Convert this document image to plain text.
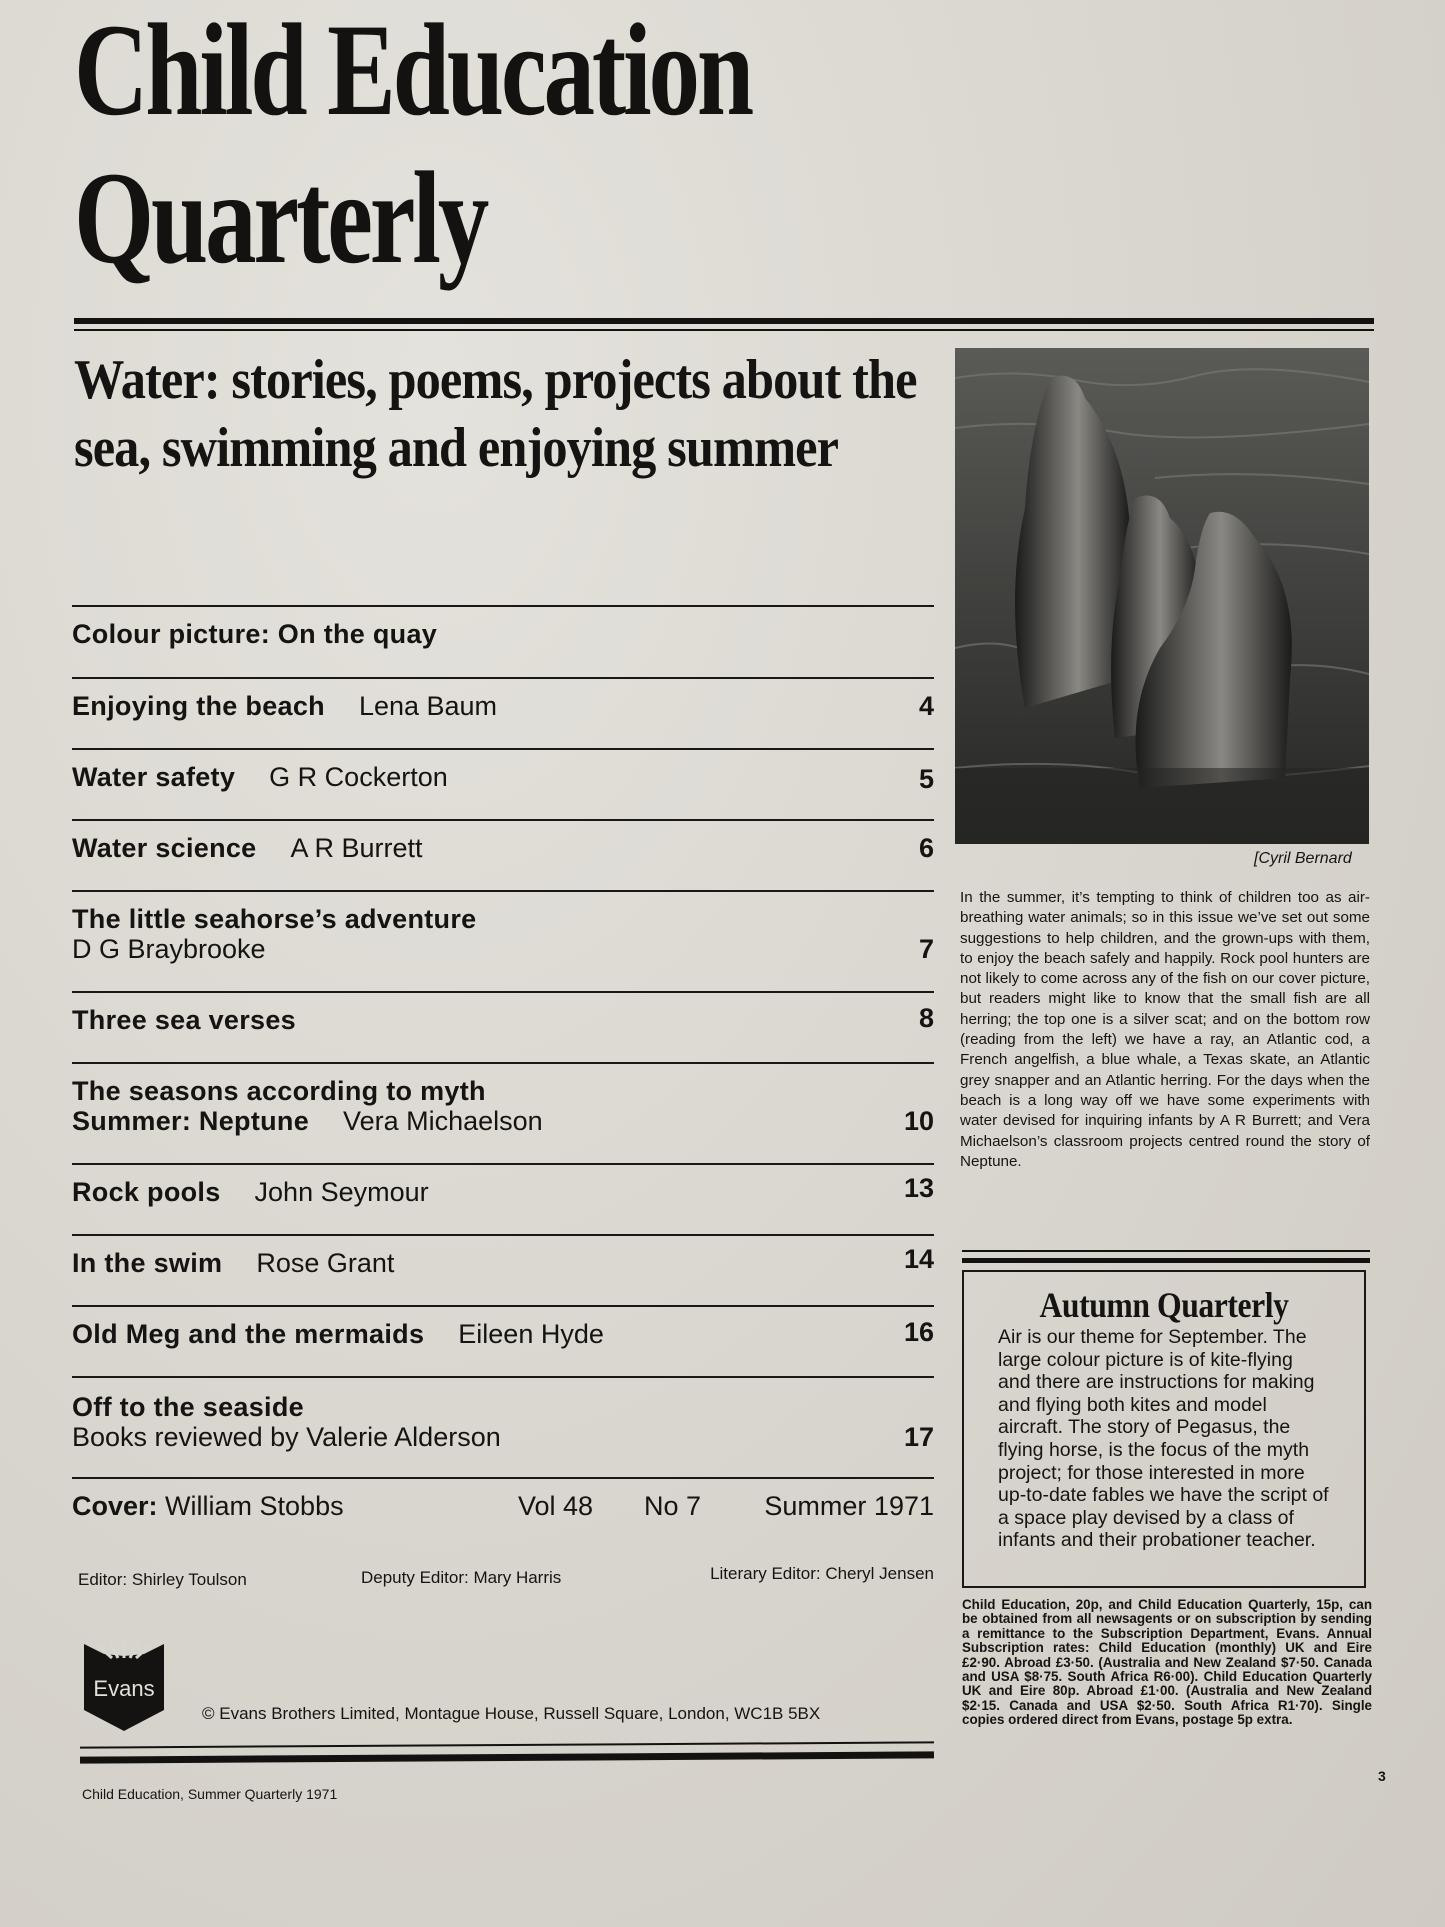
Child Education
Quarterly
Water: stories, poems, projects about the sea, swimming and enjoying summer
Colour picture: On the quay
Enjoying the beach Lena Baum	4
Water safety G R Cockerton	5
Water science A R Burrett	6
The little seahorse’s adventure
D G Braybrooke	7
Three sea verses	8
The seasons according to myth
Summer: Neptune Vera Michaelson	10
Rock pools John Seymour	13
In the swim Rose Grant	14
Old Meg and the mermaids Eileen Hyde	16
Off to the seaside
Books reviewed by Valerie Alderson	17
Cover: William Stobbs	Vol 48 No 7 Summer 1971
Editor: Shirley Toulson	Deputy Editor: Mary Harris	Literary Editor: Cheryl Jensen
Evans
© Evans Brothers Limited, Montague House, Russell Square, London, WC1B 5BX
Child Education, Summer Quarterly 1971
3
[Cyril Bernard
In the summer, it’s tempting to think of children too as air-breathing water animals; so in this issue we’ve set out some suggestions to help children, and the grown-ups with them, to enjoy the beach safely and happily. Rock pool hunters are not likely to come across any of the fish on our cover picture, but readers might like to know that the small fish are all herring; the top one is a silver scat; and on the bottom row (reading from the left) we have a ray, an Atlantic cod, a French angelfish, a blue whale, a Texas skate, an Atlantic grey snapper and an Atlantic herring. For the days when the beach is a long way off we have some experiments with water devised for inquiring infants by A R Burrett; and Vera Michaelson’s classroom projects centred round the story of Neptune.
Autumn Quarterly

Air is our theme for September. The large colour picture is of kite-flying and there are instructions for making and flying both kites and model aircraft. The story of Pegasus, the flying horse, is the focus of the myth project; for those interested in more up-to-date fables we have the script of a space play devised by a class of infants and their probationer teacher.

Child Education, 20p, and Child Education Quarterly, 15p, can be obtained from all newsagents or on subscription by sending a remittance to the Subscription Department, Evans. Annual Subscription rates: Child Education (monthly) UK and Eire £2·90. Abroad £3·50. (Australia and New Zealand $7·50. Canada and USA $8·75. South Africa R6·00). Child Education Quarterly UK and Eire 80p. Abroad £1·00. (Australia and New Zealand $2·15. Canada and USA $2·50. South Africa R1·70). Single copies ordered direct from Evans, postage 5p extra.
